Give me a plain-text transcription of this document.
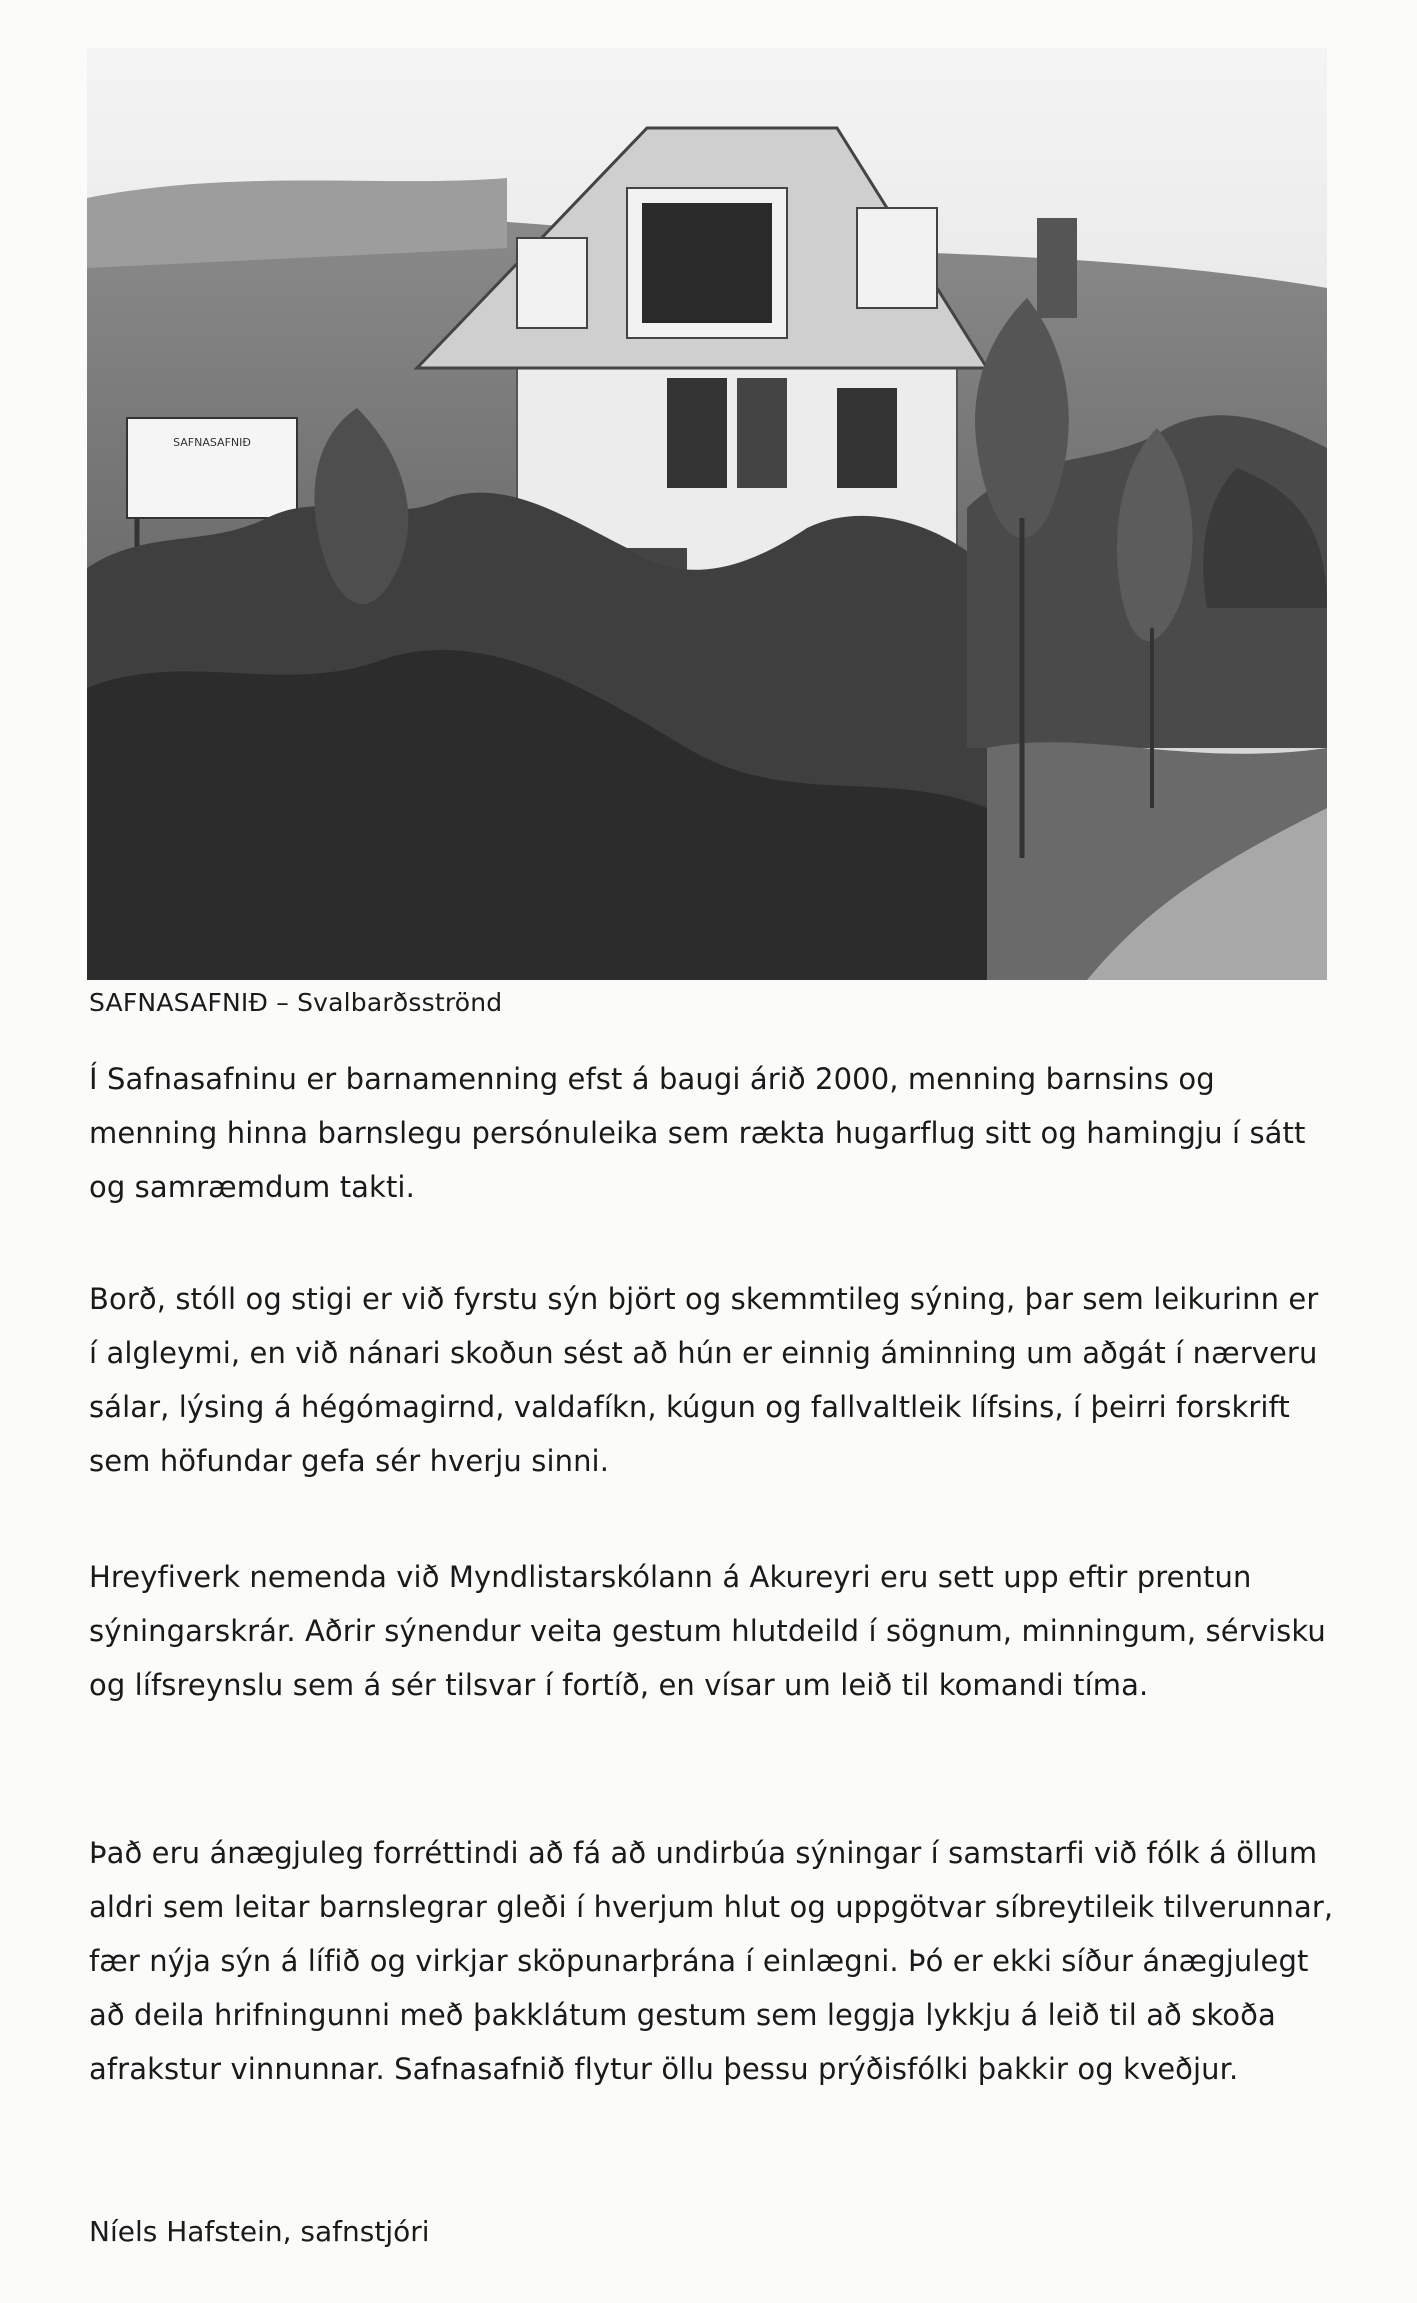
SAFNASAFNIÐ
SAFNASAFNIÐ – Svalbarðsströnd

Í Safnasafninu er barnamenning efst á baugi árið 2000, menning barnsins og menning hinna barnslegu persónuleika sem rækta hugarflug sitt og hamingju í sátt og samræmdum takti.

Borð, stóll og stigi er við fyrstu sýn björt og skemmtileg sýning, þar sem leikurinn er í algleymi, en við nánari skoðun sést að hún er einnig áminning um aðgát í nærveru sálar, lýsing á hégómagirnd, valdafíkn, kúgun og fallvaltleik lífsins, í þeirri forskrift sem höfundar gefa sér hverju sinni.

Hreyfiverk nemenda við Myndlistarskólann á Akureyri eru sett upp eftir prentun sýningarskrár. Aðrir sýnendur veita gestum hlutdeild í sögnum, minningum, sérvisku og lífsreynslu sem á sér tilsvar í fortíð, en vísar um leið til komandi tíma.

Það eru ánægjuleg forréttindi að fá að undirbúa sýningar í samstarfi við fólk á öllum aldri sem leitar barnslegrar gleði í hverjum hlut og uppgötvar síbreytileik tilverunnar, fær nýja sýn á lífið og virkjar sköpunarþrána í einlægni. Þó er ekki síður ánægjulegt að deila hrifningunni með þakklátum gestum sem leggja lykkju á leið til að skoða afrakstur vinnunnar. Safnasafnið flytur öllu þessu prýðisfólki þakkir og kveðjur.

Níels Hafstein, safnstjóri
